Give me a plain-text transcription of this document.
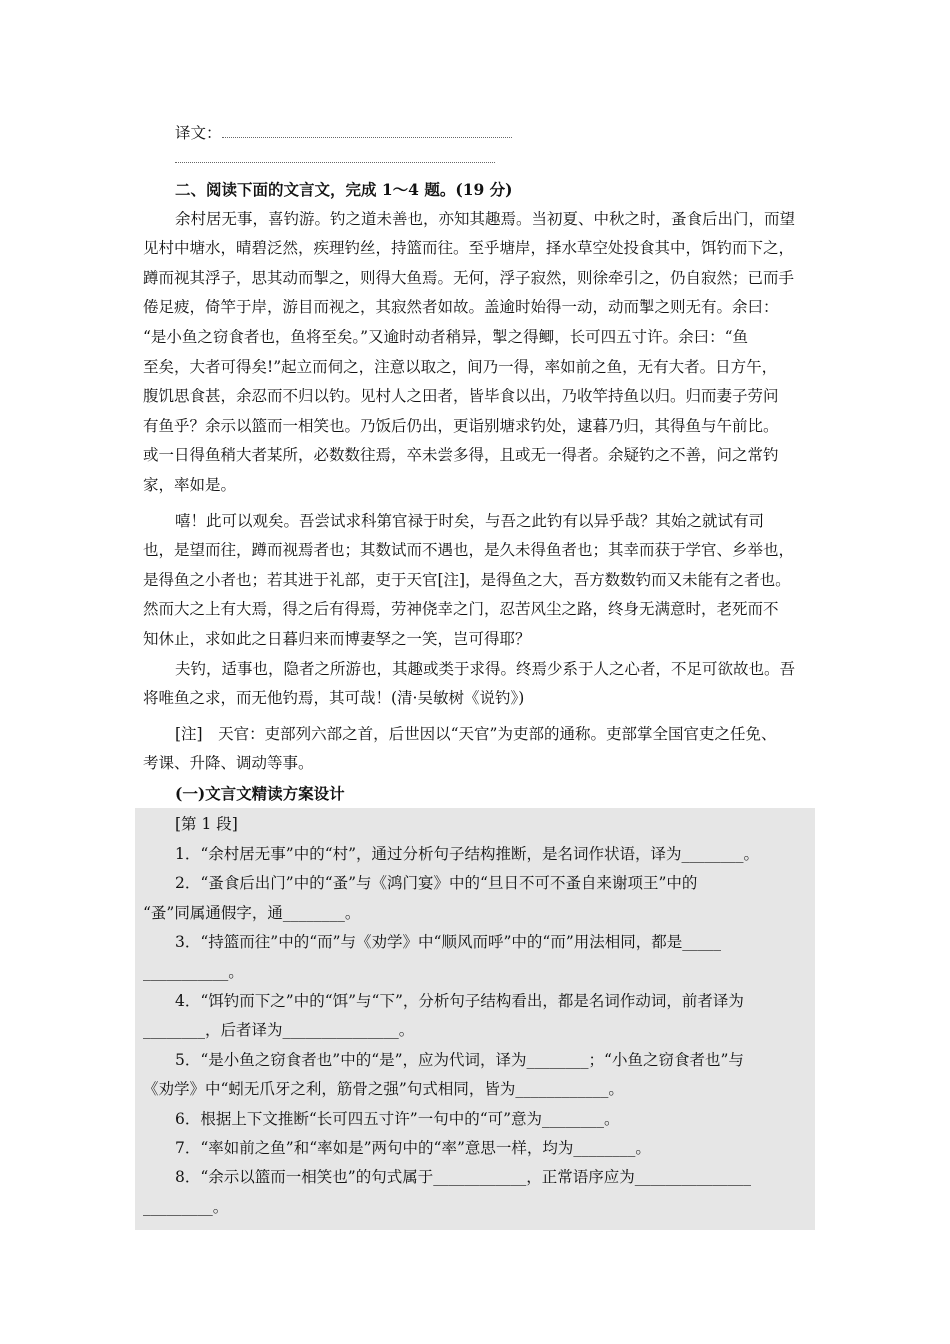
译文：
二、阅读下面的文言文，完成 1～4 题。(19 分)
余村居无事，喜钓游。钓之道未善也，亦知其趣焉。当初夏、中秋之时，蚤食后出门，而望
见村中塘水，晴碧泛然，疾理钓丝，持篮而往。至乎塘岸，择水草空处投食其中，饵钓而下之，
蹲而视其浮子，思其动而掣之，则得大鱼焉。无何，浮子寂然，则徐牵引之，仍自寂然；已而手
倦足疲，倚竿于岸，游目而视之，其寂然者如故。盖逾时始得一动，动而掣之则无有。余曰：
“是小鱼之窃食者也，鱼将至矣。”又逾时动者稍异，掣之得鲫，长可四五寸许。余曰：“鱼
至矣，大者可得矣!”起立而伺之，注意以取之，间乃一得，率如前之鱼，无有大者。日方午，
腹饥思食甚，余忍而不归以钓。见村人之田者，皆毕食以出，乃收竿持鱼以归。归而妻子劳问
有鱼乎？余示以篮而一相笑也。乃饭后仍出，更诣别塘求钓处，逮暮乃归，其得鱼与午前比。
或一日得鱼稍大者某所，必数数往焉，卒未尝多得，且或无一得者。余疑钓之不善，问之常钓
家，率如是。
嘻！此可以观矣。吾尝试求科第官禄于时矣，与吾之此钓有以异乎哉？其始之就试有司
也，是望而往，蹲而视焉者也；其数试而不遇也，是久未得鱼者也；其幸而获于学官、乡举也，
是得鱼之小者也；若其进于礼部，吏于天官[注]，是得鱼之大，吾方数数钓而又未能有之者也。
然而大之上有大焉，得之后有得焉，劳神侥幸之门，忍苦风尘之路，终身无满意时，老死而不
知休止，求如此之日暮归来而博妻孥之一笑，岂可得耶？
夫钓，适事也，隐者之所游也，其趣或类于求得。终焉少系于人之心者，不足可欲故也。吾
将唯鱼之求，而无他钓焉，其可哉！(清·吴敏树《说钓》)
[注]　天官：吏部列六部之首，后世因以“天官”为吏部的通称。吏部掌全国官吏之任免、
考课、升降、调动等事。
(一)文言文精读方案设计
[第 1 段]
1．“余村居无事”中的“村”，通过分析句子结构推断，是名词作状语，译为________。
2．“蚤食后出门”中的“蚤”与《鸿门宴》中的“旦日不可不蚤自来谢项王”中的
“蚤”同属通假字，通________。
3．“持篮而往”中的“而”与《劝学》中“顺风而呼”中的“而”用法相同，都是_____
___________。
4．“饵钓而下之”中的“饵”与“下”，分析句子结构看出，都是名词作动词，前者译为
________，后者译为_______________。
5．“是小鱼之窃食者也”中的“是”，应为代词，译为________；“小鱼之窃食者也”与
《劝学》中“蚓无爪牙之利，筋骨之强”句式相同，皆为____________。
6．根据上下文推断“长可四五寸许”一句中的“可”意为________。
7．“率如前之鱼”和“率如是”两句中的“率”意思一样，均为________。
8．“余示以篮而一相笑也”的句式属于____________，正常语序应为_______________
_________。
